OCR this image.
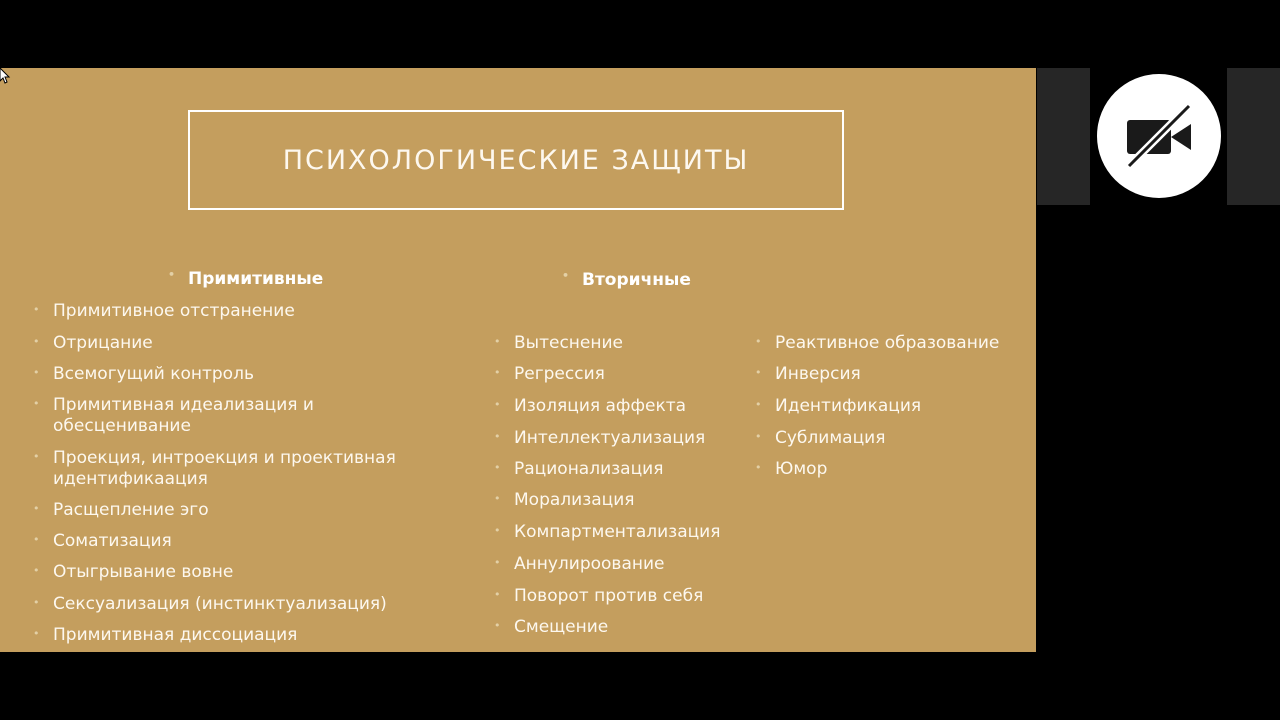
ПСИХОЛОГИЧЕСКИЕ ЗАЩИТЫ
• Примитивные	• Вторичные
• Примитивное отстранение
• Отрицание
• Всемогущий контроль
• Примитивная идеализация и обесценивание
• Проекция, интроекция и проективная идентификаация
• Расщепление эго
• Соматизация
• Отыгрывание вовне
• Сексуализация (инстинктуализация)
• Примитивная диссоциация
• Вытеснение
• Регрессия
• Изоляция аффекта
• Интеллектуализация
• Рационализация
• Морализация
• Компартментализация
• Аннулироование
• Поворот против себя
• Смещение
• Реактивное образование
• Инверсия
• Идентификация
• Сублимация
• Юмор
